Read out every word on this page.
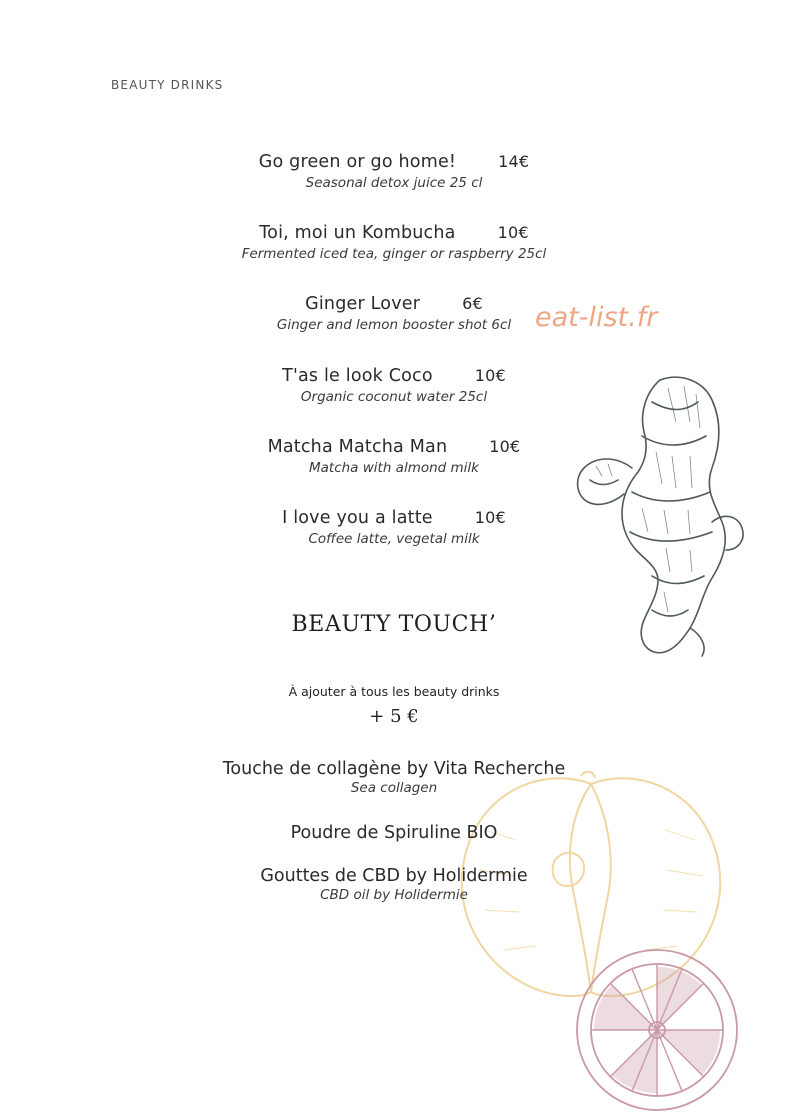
BEAUTY DRINKS
Go green or go home!	14€
Seasonal detox juice 25 cl
Toi, moi un Kombucha	10€
Fermented iced tea, ginger or raspberry 25cl
Ginger Lover	6€
Ginger and lemon booster shot 6cl
T'as le look Coco	10€
Organic coconut water 25cl
Matcha Matcha Man	10€
Matcha with almond milk
I love you a latte	10€
Coffee latte, vegetal milk
BEAUTY TOUCH’
À ajouter à tous les beauty drinks
+ 5 €
Touche de collagène by Vita Recherche
Sea collagen
Poudre de Spiruline BIO
Gouttes de CBD by Holidermie
CBD oil by Holidermie
eat-list.fr
